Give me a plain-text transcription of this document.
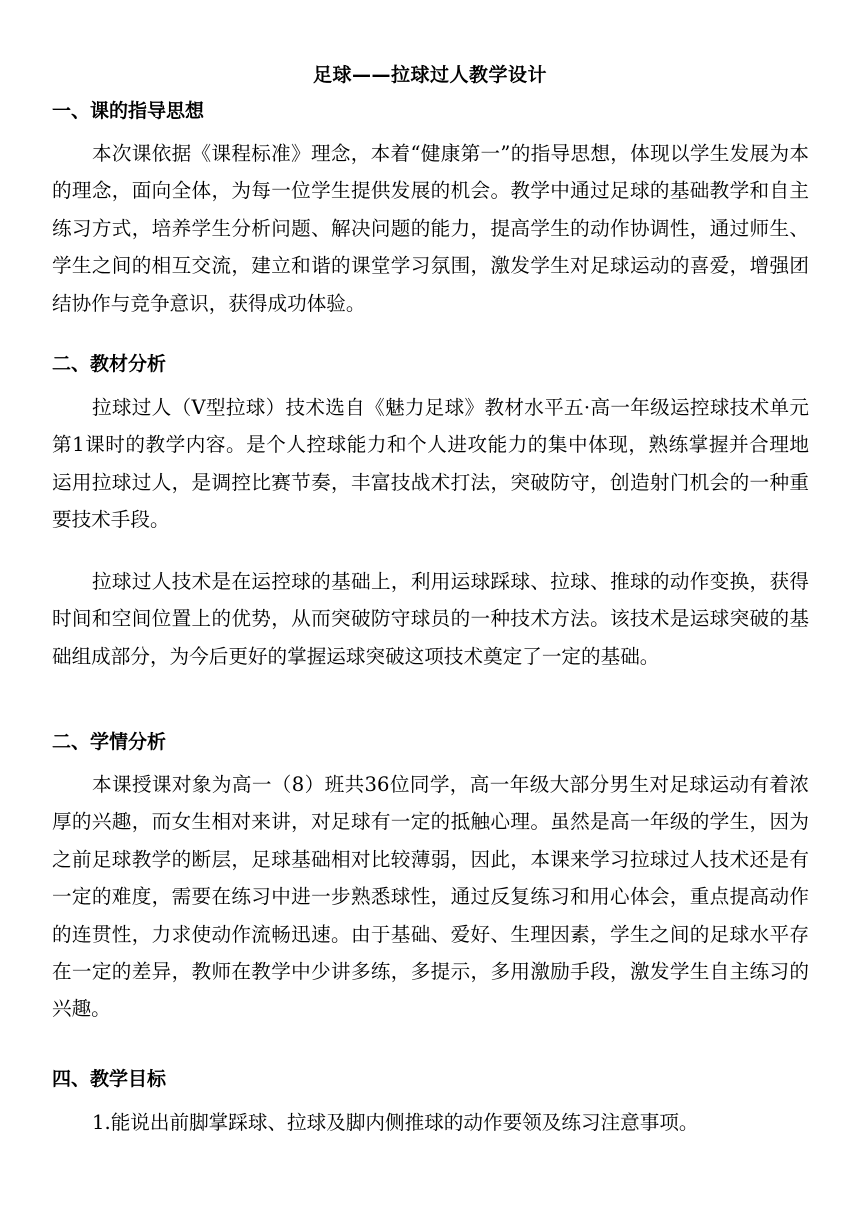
足球——拉球过人教学设计
一、课的指导思想

本次课依据《课程标准》理念，本着“健康第一”的指导思想，体现以学生发展为本的理念，面向全体，为每一位学生提供发展的机会。教学中通过足球的基础教学和自主练习方式，培养学生分析问题、解决问题的能力，提高学生的动作协调性，通过师生、学生之间的相互交流，建立和谐的课堂学习氛围，激发学生对足球运动的喜爱，增强团结协作与竞争意识，获得成功体验。

二、教材分析

拉球过人（V型拉球）技术选自《魅力足球》教材水平五·高一年级运控球技术单元第1课时的教学内容。是个人控球能力和个人进攻能力的集中体现，熟练掌握并合理地运用拉球过人，是调控比赛节奏，丰富技战术打法，突破防守，创造射门机会的一种重要技术手段。

拉球过人技术是在运控球的基础上，利用运球踩球、拉球、推球的动作变换，获得时间和空间位置上的优势，从而突破防守球员的一种技术方法。该技术是运球突破的基础组成部分，为今后更好的掌握运球突破这项技术奠定了一定的基础。

二、学情分析

本课授课对象为高一（8）班共36位同学，高一年级大部分男生对足球运动有着浓厚的兴趣，而女生相对来讲，对足球有一定的抵触心理。虽然是高一年级的学生，因为之前足球教学的断层，足球基础相对比较薄弱，因此，本课来学习拉球过人技术还是有一定的难度，需要在练习中进一步熟悉球性，通过反复练习和用心体会，重点提高动作的连贯性，力求使动作流畅迅速。由于基础、爱好、生理因素，学生之间的足球水平存在一定的差异，教师在教学中少讲多练，多提示，多用激励手段，激发学生自主练习的兴趣。

四、教学目标

1.能说出前脚掌踩球、拉球及脚内侧推球的动作要领及练习注意事项。
